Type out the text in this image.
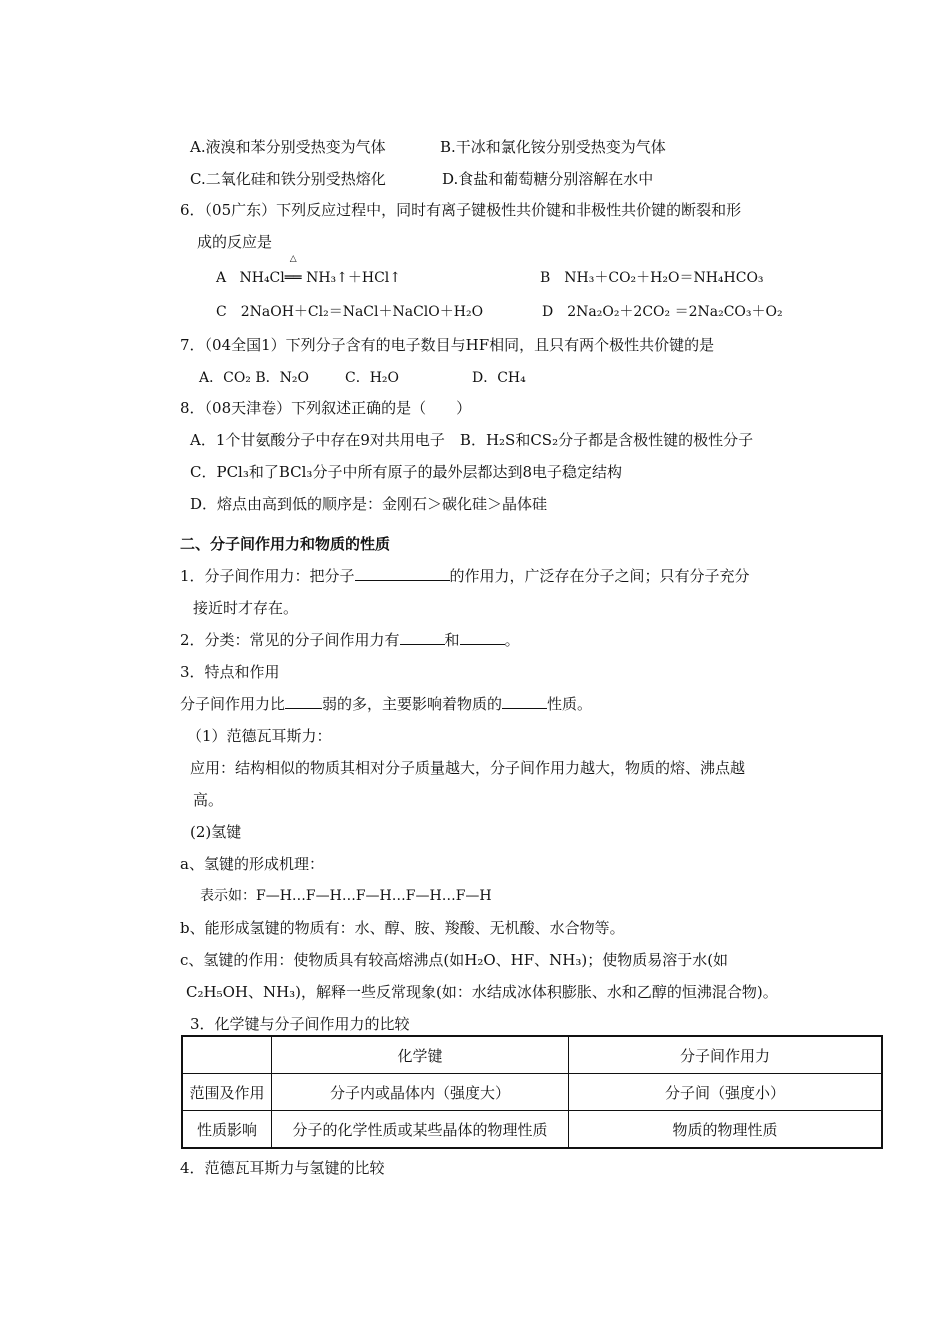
A.液溴和苯分别受热变为气体	B.干冰和氯化铵分别受热变为气体
C.二氧化硅和铁分别受热熔化	D.食盐和葡萄糖分别溶解在水中
6．（05广东）下列反应过程中，同时有离子键极性共价键和非极性共价键的断裂和形
成的反应是
A NH₄Cl
△
══ NH₃↑＋HCl↑	B　NH₃＋CO₂＋H₂O＝NH₄HCO₃
C　2NaOH＋Cl₂＝NaCl＋NaClO＋H₂O	D　2Na₂O₂＋2CO₂ ＝2Na₂CO₃＋O₂
7．（04全国1）下列分子含有的电子数目与HF相同，且只有两个极性共价键的是
A．CO₂ B．N₂O	C．H₂O	D．CH₄
8．（08天津卷）下列叙述正确的是（　　）
A．1个甘氨酸分子中存在9对共用电子　B．H₂S和CS₂分子都是含极性键的极性分子
C．PCl₃和了BCl₃分子中所有原子的最外层都达到8电子稳定结构
D．熔点由高到低的顺序是：金刚石＞碳化硅＞晶体硅
二、分子间作用力和物质的性质
1．分子间作用力：把分子	的作用力，广泛存在分子之间；只有分子充分
接近时才存在。
2．分类：常见的分子间作用力有	和	。
3．特点和作用
分子间作用力比 弱的多，主要影响着物质的	性质。
（1）范德瓦耳斯力：
应用：结构相似的物质其相对分子质量越大，分子间作用力越大，物质的熔、沸点越
高。
(2)氢键
a、氢键的形成机理：
表示如：F—H…F—H…F—H…F—H…F—H
b、能形成氢键的物质有：水、醇、胺、羧酸、无机酸、水合物等。
c、氢键的作用：使物质具有较高熔沸点(如H₂O、HF、NH₃)；使物质易溶于水(如
C₂H₅OH、NH₃)，解释一些反常现象(如：水结成冰体积膨胀、水和乙醇的恒沸混合物)。
3．化学键与分子间作用力的比较
	化学键	分子间作用力
范围及作用	分子内或晶体内（强度大）	分子间（强度小）
性质影响	分子的化学性质或某些晶体的物理性质	物质的物理性质
4．范德瓦耳斯力与氢键的比较
